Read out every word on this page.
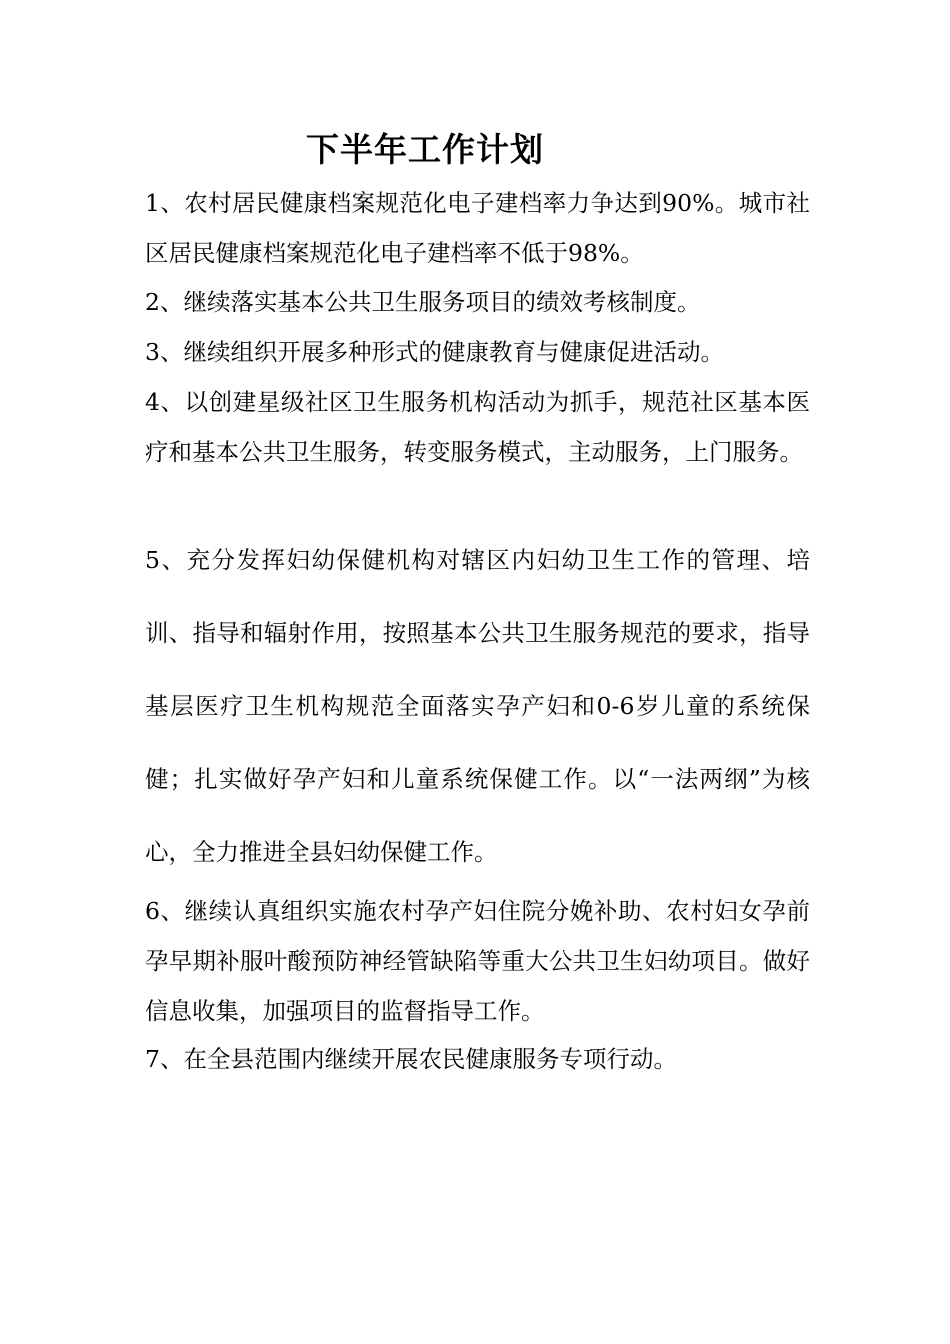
下半年工作计划

1、农村居民健康档案规范化电子建档率力争达到90%。城市社区居民健康档案规范化电子建档率不低于98%。

2、继续落实基本公共卫生服务项目的绩效考核制度。

3、继续组织开展多种形式的健康教育与健康促进活动。

4、以创建星级社区卫生服务机构活动为抓手，规范社区基本医疗和基本公共卫生服务，转变服务模式，主动服务，上门服务。

5、充分发挥妇幼保健机构对辖区内妇幼卫生工作的管理、培训、指导和辐射作用，按照基本公共卫生服务规范的要求，指导基层医疗卫生机构规范全面落实孕产妇和0-6岁儿童的系统保健；扎实做好孕产妇和儿童系统保健工作。以“一法两纲”为核心，全力推进全县妇幼保健工作。

6、继续认真组织实施农村孕产妇住院分娩补助、农村妇女孕前孕早期补服叶酸预防神经管缺陷等重大公共卫生妇幼项目。做好信息收集，加强项目的监督指导工作。

7、在全县范围内继续开展农民健康服务专项行动。
